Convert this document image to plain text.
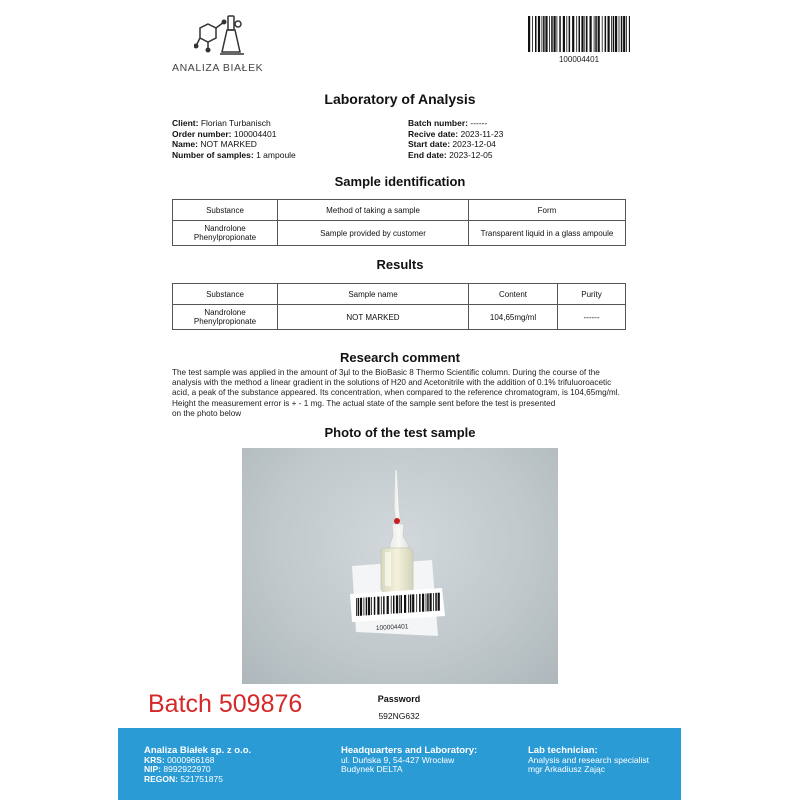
ANALIZA BIAŁEK
100004401
Laboratory of Analysis
Client: Florian Turbanisch
Order number: 100004401
Name: NOT MARKED
Number of samples: 1 ampoule
Batch number: ------
Recive date: 2023-11-23
Start date: 2023-12-04
End date: 2023-12-05
Sample identification
Substance	Method of taking a sample	Form
Nandrolone Phenylpropionate	Sample provided by customer	Transparent liquid in a glass ampoule
Results
Substance	Sample name	Content	Purity
Nandrolone Phenylpropionate	NOT MARKED	104,65mg/ml	------
Research comment
The test sample was applied in the amount of 3µl to the BioBasic 8 Thermo Scientific column. During the course of the
analysis with the method a linear gradient in the solutions of H20 and Acetonitrile with the addition of 0.1% trifuluoroacetic
acid, a peak of the substance appeared. Its concentration, when compared to the reference chromatogram, is 104,65mg/ml.
Height the measurement error is + - 1 mg. The actual state of the sample sent before the test is presented
on the photo below
Photo of the test sample
100004401
Batch 509876	Password
592NG632
Analiza Białek sp. z o.o.
KRS: 0000966168
NIP: 8992922970
REGON: 521751875
Headquarters and Laboratory:
ul. Duńska 9, 54-427 Wrocław
Budynek DELTA
Lab technician:
Analysis and research specialist
mgr Arkadiusz Zając
